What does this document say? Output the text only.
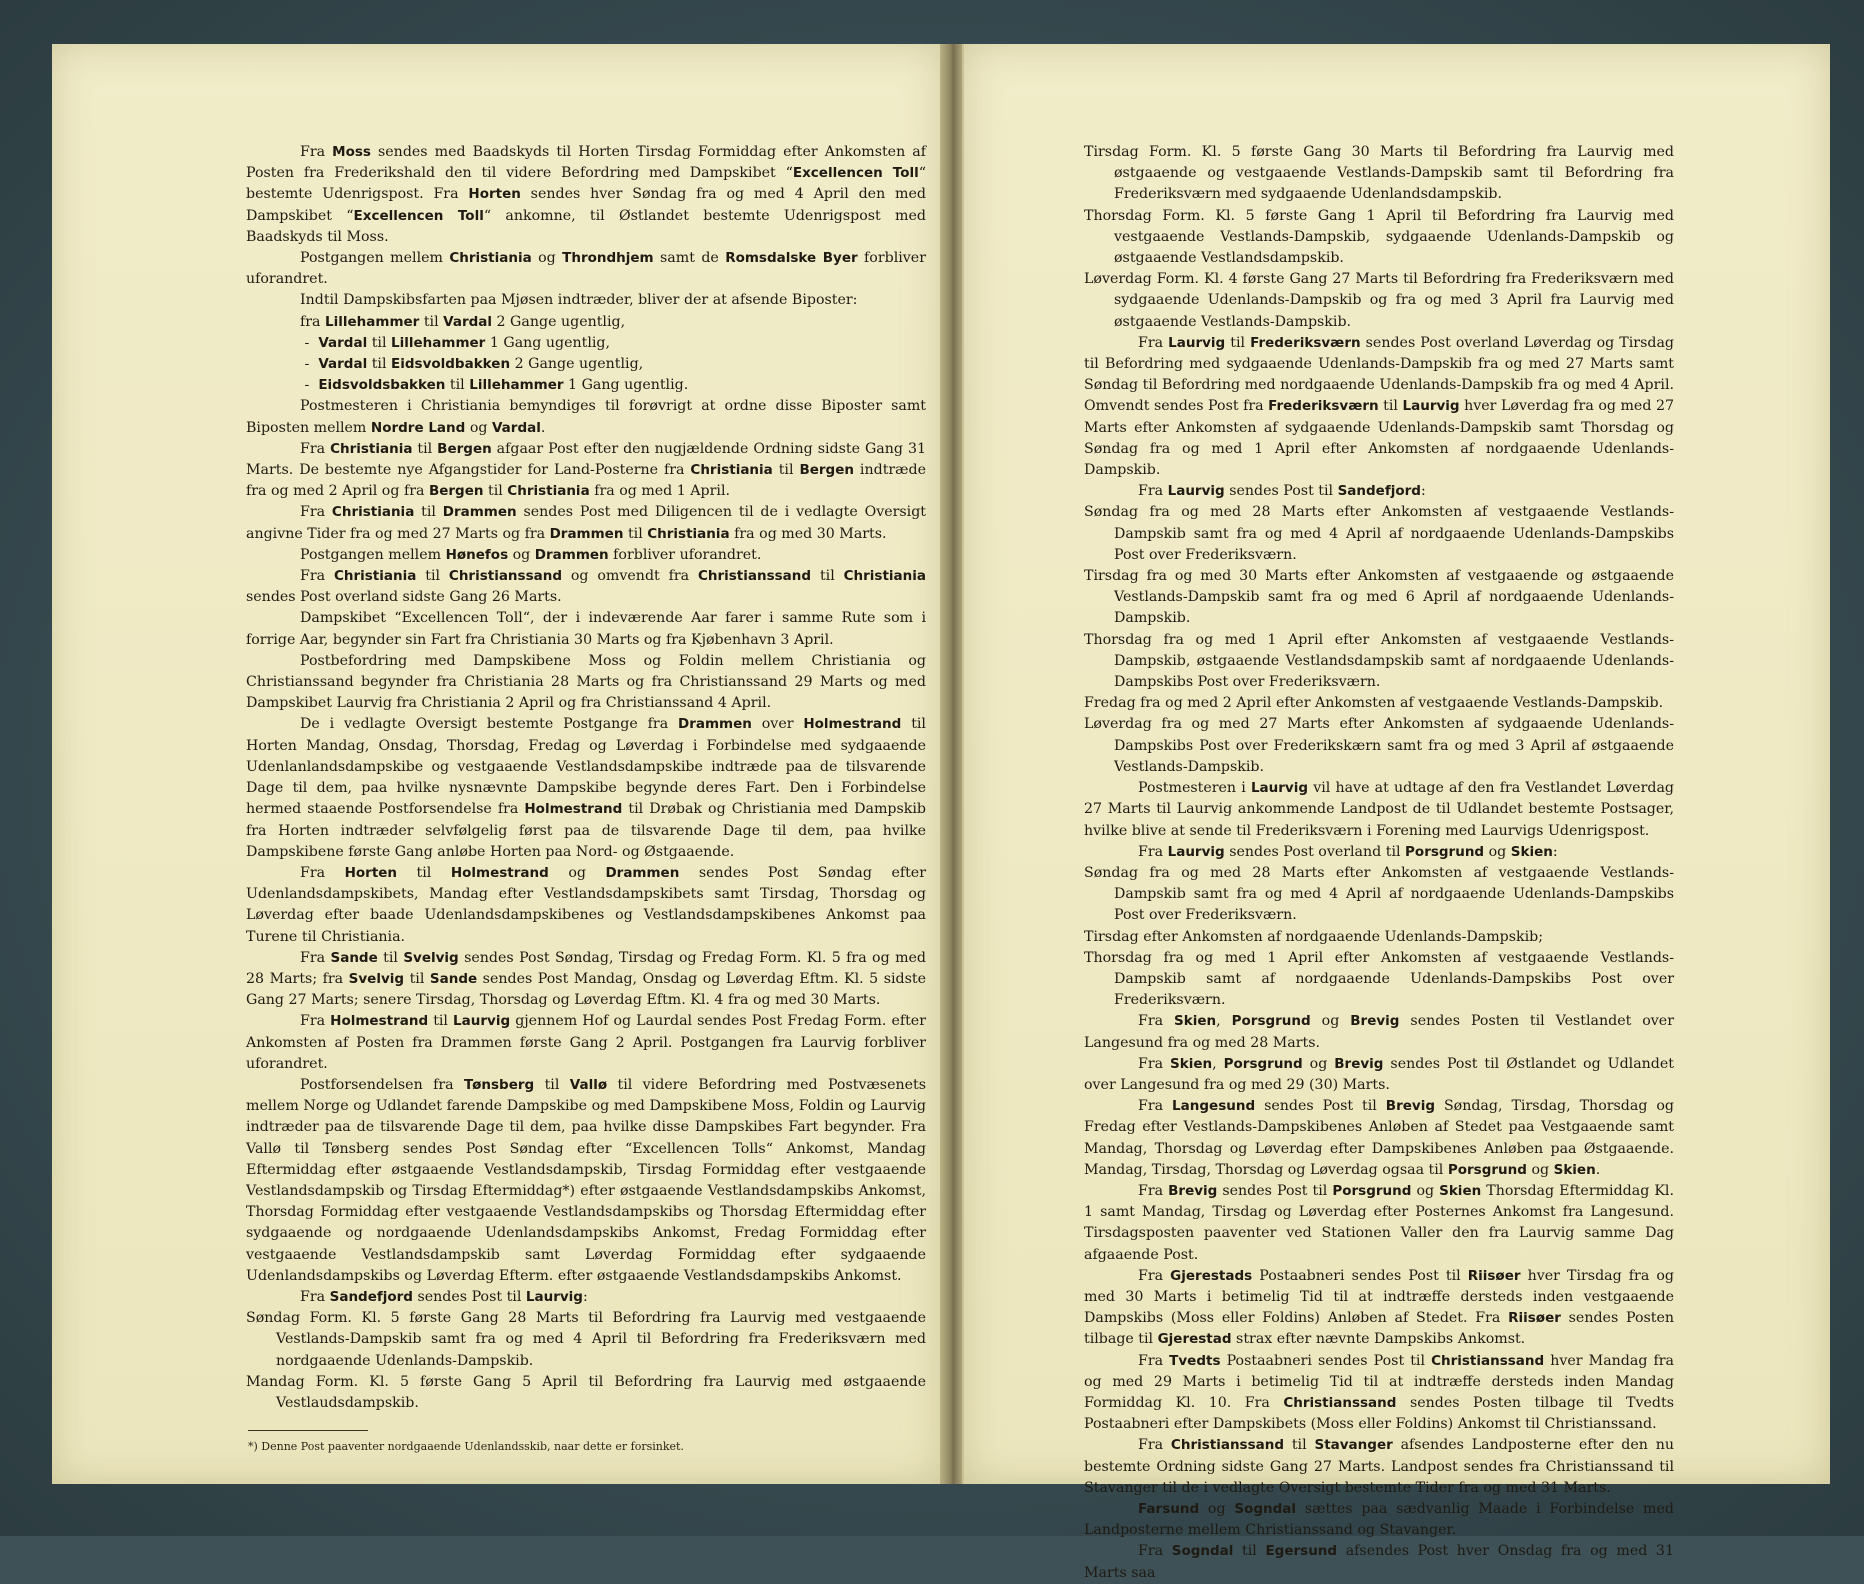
Fra Moss sendes med Baadskyds til Horten Tirsdag Formiddag efter Ankomsten af Posten fra Frederikshald den til videre Befordring med Dampskibet “Excellencen Toll“ bestemte Udenrigspost. Fra Horten sendes hver Søndag fra og med 4 April den med Dampskibet “Excellencen Toll“ ankomne, til Østlandet bestemte Udenrigspost med Baadskyds til Moss.

Postgangen mellem Christiania og Throndhjem samt de Romsdalske Byer forbliver uforandret.

Indtil Dampskibsfarten paa Mjøsen indtræder, bliver der at afsende Biposter:

fra Lillehammer til Vardal 2 Gange ugentlig,

-  Vardal til Lillehammer 1 Gang ugentlig,

-  Vardal til Eidsvoldbakken 2 Gange ugentlig,

-  Eidsvoldsbakken til Lillehammer 1 Gang ugentlig.

Postmesteren i Christiania bemyndiges til forøvrigt at ordne disse Biposter samt Biposten mellem Nordre Land og Vardal.

Fra Christiania til Bergen afgaar Post efter den nugjældende Ordning sidste Gang 31 Marts. De bestemte nye Afgangstider for Land-Posterne fra Christiania til Bergen indtræde fra og med 2 April og fra Bergen til Christiania fra og med 1 April.

Fra Christiania til Drammen sendes Post med Diligencen til de i vedlagte Oversigt angivne Tider fra og med 27 Marts og fra Drammen til Christiania fra og med 30 Marts.

Postgangen mellem Hønefos og Drammen forbliver uforandret.

Fra Christiania til Christianssand og omvendt fra Christianssand til Christiania sendes Post overland sidste Gang 26 Marts.

Dampskibet “Excellencen Toll“, der i indeværende Aar farer i samme Rute som i forrige Aar, begynder sin Fart fra Christiania 30 Marts og fra Kjøbenhavn 3 April.

Postbefordring med Dampskibene Moss og Foldin mellem Christiania og Christianssand begynder fra Christiania 28 Marts og fra Christianssand 29 Marts og med Dampskibet Laurvig fra Christiania 2 April og fra Christianssand 4 April.

De i vedlagte Oversigt bestemte Postgange fra Drammen over Holmestrand til Horten Mandag, Onsdag, Thorsdag, Fredag og Løverdag i Forbindelse med sydgaaende Udenlanlandsdampskibe og vestgaaende Vestlandsdampskibe indtræde paa de tilsvarende Dage til dem, paa hvilke nysnævnte Dampskibe begynde deres Fart. Den i Forbindelse hermed staaende Postforsendelse fra Holmestrand til Drøbak og Christiania med Dampskib fra Horten indtræder selvfølgelig først paa de tilsvarende Dage til dem, paa hvilke Dampskibene første Gang anløbe Horten paa Nord- og Østgaaende.

Fra Horten til Holmestrand og Drammen sendes Post Søndag efter Udenlandsdampskibets, Mandag efter Vestlandsdampskibets samt Tirsdag, Thorsdag og Løverdag efter baade Udenlandsdampskibenes og Vestlandsdampskibenes Ankomst paa Turene til Christiania.

Fra Sande til Svelvig sendes Post Søndag, Tirsdag og Fredag Form. Kl. 5 fra og med 28 Marts; fra Svelvig til Sande sendes Post Mandag, Onsdag og Løverdag Eftm. Kl. 5 sidste Gang 27 Marts; senere Tirsdag, Thorsdag og Løverdag Eftm. Kl. 4 fra og med 30 Marts.

Fra Holmestrand til Laurvig gjennem Hof og Laurdal sendes Post Fredag Form. efter Ankomsten af Posten fra Drammen første Gang 2 April. Postgangen fra Laurvig forbliver uforandret.

Postforsendelsen fra Tønsberg til Vallø til videre Befordring med Postvæsenets mellem Norge og Udlandet farende Dampskibe og med Dampskibene Moss, Foldin og Laurvig indtræder paa de tilsvarende Dage til dem, paa hvilke disse Dampskibes Fart begynder. Fra Vallø til Tønsberg sendes Post Søndag efter “Excellencen Tolls“ Ankomst, Mandag Eftermiddag efter østgaaende Vestlandsdampskib, Tirsdag Formiddag efter vestgaaende Vestlandsdampskib og Tirsdag Eftermiddag*) efter østgaaende Vestlandsdampskibs Ankomst, Thorsdag Formiddag efter vestgaaende Vestlandsdampskibs og Thorsdag Eftermiddag efter sydgaaende og nordgaaende Udenlandsdampskibs Ankomst, Fredag Formiddag efter vestgaaende Vestlandsdampskib samt Løverdag Formiddag efter sydgaaende Udenlandsdampskibs og Løverdag Efterm. efter østgaaende Vestlandsdampskibs Ankomst.

Fra Sandefjord sendes Post til Laurvig:

Søndag Form. Kl. 5 første Gang 28 Marts til Befordring fra Laurvig med vestgaaende Vestlands-Dampskib samt fra og med 4 April til Befordring fra Frederiksværn med nordgaaende Udenlands-Dampskib.

Mandag Form. Kl. 5 første Gang 5 April til Befordring fra Laurvig med østgaaende Vestlaudsdampskib.

*) Denne Post paaventer nordgaaende Udenlandsskib, naar dette er forsinket.

Tirsdag Form. Kl. 5 første Gang 30 Marts til Befordring fra Laurvig med østgaaende og vestgaaende Vestlands-Dampskib samt til Befordring fra Frederiksværn med sydgaaende Udenlandsdampskib.

Thorsdag Form. Kl. 5 første Gang 1 April til Befordring fra Laurvig med vestgaaende Vestlands-Dampskib, sydgaaende Udenlands-Dampskib og østgaaende Vestlandsdampskib.

Løverdag Form. Kl. 4 første Gang 27 Marts til Befordring fra Frederiksværn med sydgaaende Udenlands-Dampskib og fra og med 3 April fra Laurvig med østgaaende Vestlands-Dampskib.

Fra Laurvig til Frederiksværn sendes Post overland Løverdag og Tirsdag til Befordring med sydgaaende Udenlands-Dampskib fra og med 27 Marts samt Søndag til Befordring med nordgaaende Udenlands-Dampskib fra og med 4 April. Omvendt sendes Post fra Frederiksværn til Laurvig hver Løverdag fra og med 27 Marts efter Ankomsten af sydgaaende Udenlands-Dampskib samt Thorsdag og Søndag fra og med 1 April efter Ankomsten af nordgaaende Udenlands-Dampskib.

Fra Laurvig sendes Post til Sandefjord:

Søndag fra og med 28 Marts efter Ankomsten af vestgaaende Vestlands-Dampskib samt fra og med 4 April af nordgaaende Udenlands-Dampskibs Post over Frederiksværn.

Tirsdag fra og med 30 Marts efter Ankomsten af vestgaaende og østgaaende Vestlands-Dampskib samt fra og med 6 April af nordgaaende Udenlands-Dampskib.

Thorsdag fra og med 1 April efter Ankomsten af vestgaaende Vestlands-Dampskib, østgaaende Vestlandsdampskib samt af nordgaaende Udenlands-Dampskibs Post over Frederiksværn.

Fredag fra og med 2 April efter Ankomsten af vestgaaende Vestlands-Dampskib.

Løverdag fra og med 27 Marts efter Ankomsten af sydgaaende Udenlands-Dampskibs Post over Frederikskærn samt fra og med 3 April af østgaaende Vestlands-Dampskib.

Postmesteren i Laurvig vil have at udtage af den fra Vestlandet Løverdag 27 Marts til Laurvig ankommende Landpost de til Udlandet bestemte Postsager, hvilke blive at sende til Frederiksværn i Forening med Laurvigs Udenrigspost.

Fra Laurvig sendes Post overland til Porsgrund og Skien:

Søndag fra og med 28 Marts efter Ankomsten af vestgaaende Vestlands-Dampskib samt fra og med 4 April af nordgaaende Udenlands-Dampskibs Post over Frederiksværn.

Tirsdag efter Ankomsten af nordgaaende Udenlands-Dampskib;

Thorsdag fra og med 1 April efter Ankomsten af vestgaaende Vestlands-Dampskib samt af nordgaaende Udenlands-Dampskibs Post over Frederiksværn.

Fra Skien, Porsgrund og Brevig sendes Posten til Vestlandet over Langesund fra og med 28 Marts.

Fra Skien, Porsgrund og Brevig sendes Post til Østlandet og Udlandet over Langesund fra og med 29 (30) Marts.

Fra Langesund sendes Post til Brevig Søndag, Tirsdag, Thorsdag og Fredag efter Vestlands-Dampskibenes Anløben af Stedet paa Vestgaaende samt Mandag, Thorsdag og Løverdag efter Dampskibenes Anløben paa Østgaaende. Mandag, Tirsdag, Thorsdag og Løverdag ogsaa til Porsgrund og Skien.

Fra Brevig sendes Post til Porsgrund og Skien Thorsdag Eftermiddag Kl. 1 samt Mandag, Tirsdag og Løverdag efter Posternes Ankomst fra Langesund. Tirsdagsposten paaventer ved Stationen Valler den fra Laurvig samme Dag afgaaende Post.

Fra Gjerestads Postaabneri sendes Post til Riisøer hver Tirsdag fra og med 30 Marts i betimelig Tid til at indtræffe dersteds inden vestgaaende Dampskibs (Moss eller Foldins) Anløben af Stedet. Fra Riisøer sendes Posten tilbage til Gjerestad strax efter nævnte Dampskibs Ankomst.

Fra Tvedts Postaabneri sendes Post til Christianssand hver Mandag fra og med 29 Marts i betimelig Tid til at indtræffe dersteds inden Mandag Formiddag Kl. 10. Fra Christianssand sendes Posten tilbage til Tvedts Postaabneri efter Dampskibets (Moss eller Foldins) Ankomst til Christianssand.

Fra Christianssand til Stavanger afsendes Landposterne efter den nu bestemte Ordning sidste Gang 27 Marts. Landpost sendes fra Christianssand til Stavanger til de i vedlagte Oversigt bestemte Tider fra og med 31 Marts.

Farsund og Sogndal sættes paa sædvanlig Maade i Forbindelse med Landposterne mellem Christianssand og Stavanger.

Fra Sogndal til Egersund afsendes Post hver Onsdag fra og med 31 Marts saa
